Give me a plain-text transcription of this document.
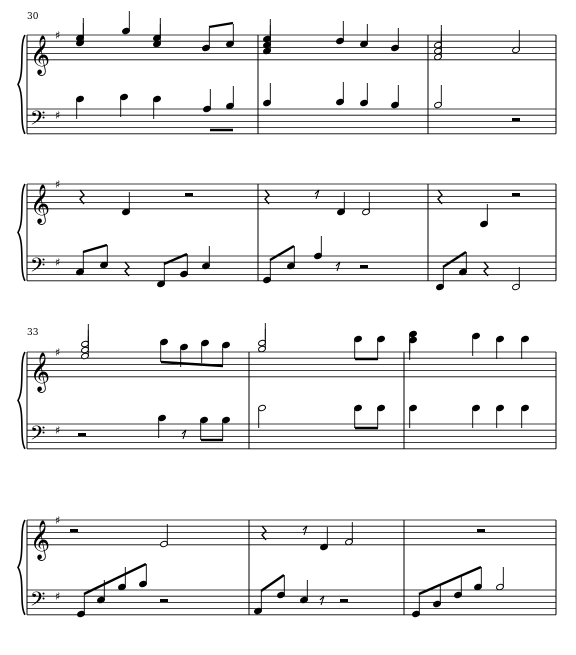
𝄞 ♯
𝄢 ♯
𝄞 ♯
𝄢 ♯
𝄞 ♯
𝄢 ♯
𝄞 ♯
𝄢 ♯
30
33
